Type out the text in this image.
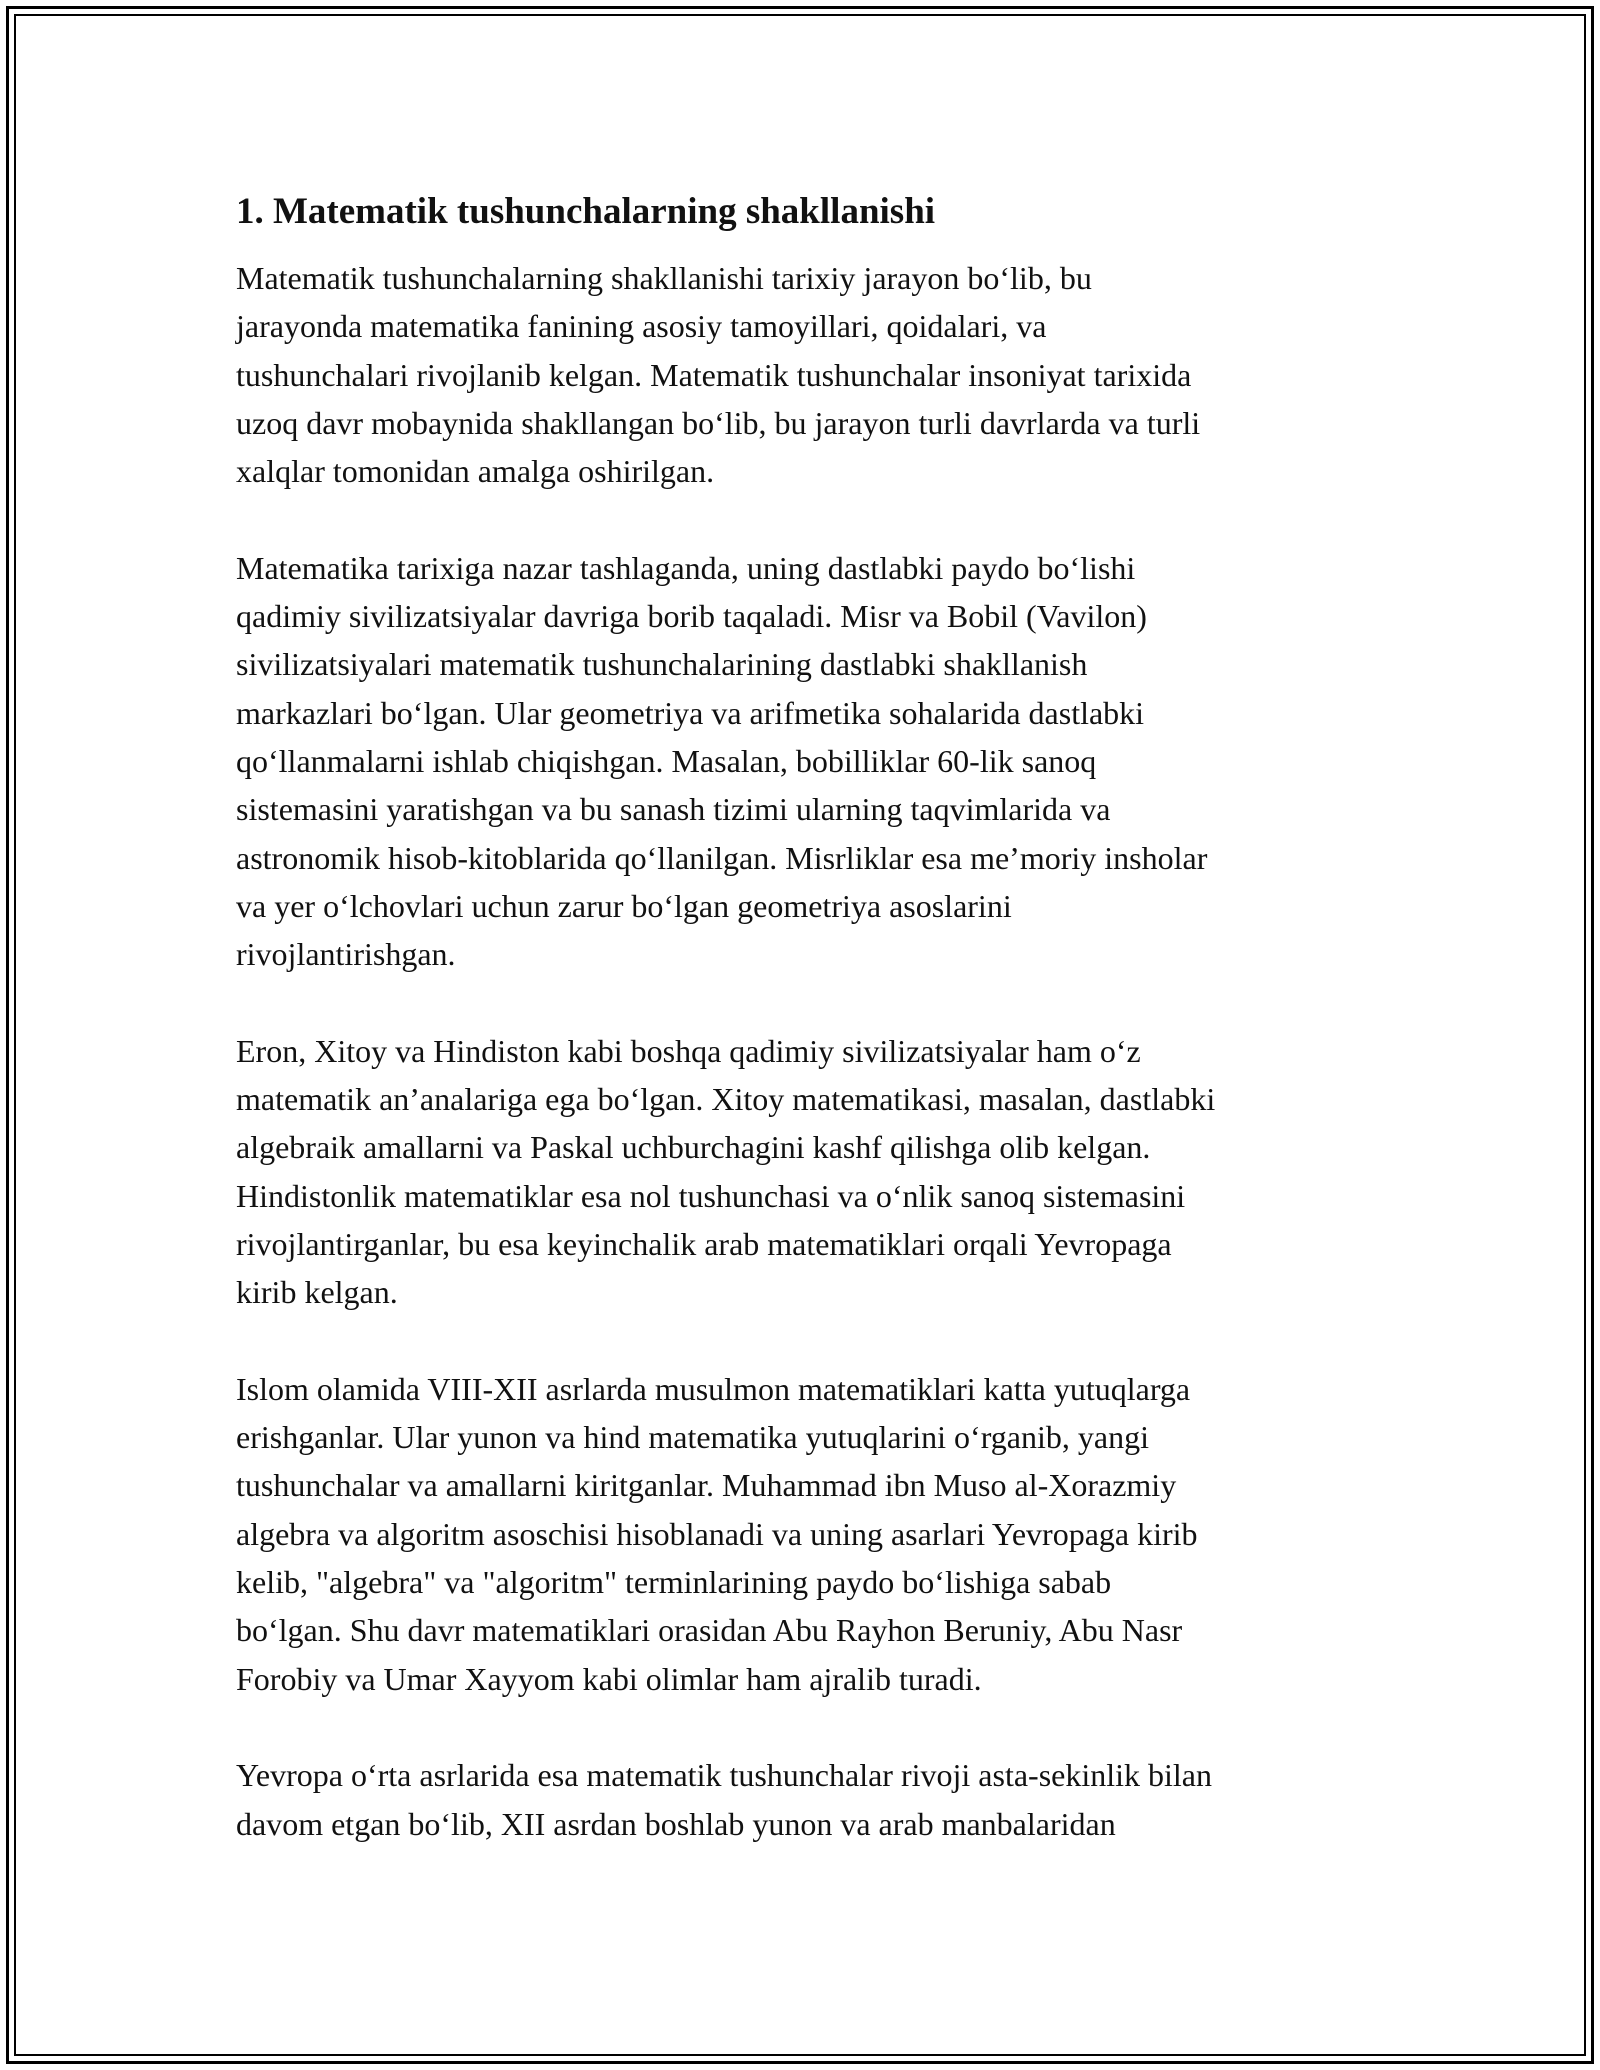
1. Matematik tushunchalarning shakllanishi

Matematik tushunchalarning shakllanishi tarixiy jarayon bo‘lib, bu
jarayonda matematika fanining asosiy tamoyillari, qoidalari, va
tushunchalari rivojlanib kelgan. Matematik tushunchalar insoniyat tarixida
uzoq davr mobaynida shakllangan bo‘lib, bu jarayon turli davrlarda va turli
xalqlar tomonidan amalga oshirilgan.

Matematika tarixiga nazar tashlaganda, uning dastlabki paydo bo‘lishi
qadimiy sivilizatsiyalar davriga borib taqaladi. Misr va Bobil (Vavilon)
sivilizatsiyalari matematik tushunchalarining dastlabki shakllanish
markazlari bo‘lgan. Ular geometriya va arifmetika sohalarida dastlabki
qo‘llanmalarni ishlab chiqishgan. Masalan, bobilliklar 60-lik sanoq
sistemasini yaratishgan va bu sanash tizimi ularning taqvimlarida va
astronomik hisob-kitoblarida qo‘llanilgan. Misrliklar esa me’moriy insholar
va yer o‘lchovlari uchun zarur bo‘lgan geometriya asoslarini
rivojlantirishgan.

Eron, Xitoy va Hindiston kabi boshqa qadimiy sivilizatsiyalar ham o‘z
matematik an’analariga ega bo‘lgan. Xitoy matematikasi, masalan, dastlabki
algebraik amallarni va Paskal uchburchagini kashf qilishga olib kelgan.
Hindistonlik matematiklar esa nol tushunchasi va o‘nlik sanoq sistemasini
rivojlantirganlar, bu esa keyinchalik arab matematiklari orqali Yevropaga
kirib kelgan.

Islom olamida VIII-XII asrlarda musulmon matematiklari katta yutuqlarga
erishganlar. Ular yunon va hind matematika yutuqlarini o‘rganib, yangi
tushunchalar va amallarni kiritganlar. Muhammad ibn Muso al-Xorazmiy
algebra va algoritm asoschisi hisoblanadi va uning asarlari Yevropaga kirib
kelib, "algebra" va "algoritm" terminlarining paydo bo‘lishiga sabab
bo‘lgan. Shu davr matematiklari orasidan Abu Rayhon Beruniy, Abu Nasr
Forobiy va Umar Xayyom kabi olimlar ham ajralib turadi.

Yevropa o‘rta asrlarida esa matematik tushunchalar rivoji asta-sekinlik bilan
davom etgan bo‘lib, XII asrdan boshlab yunon va arab manbalaridan
